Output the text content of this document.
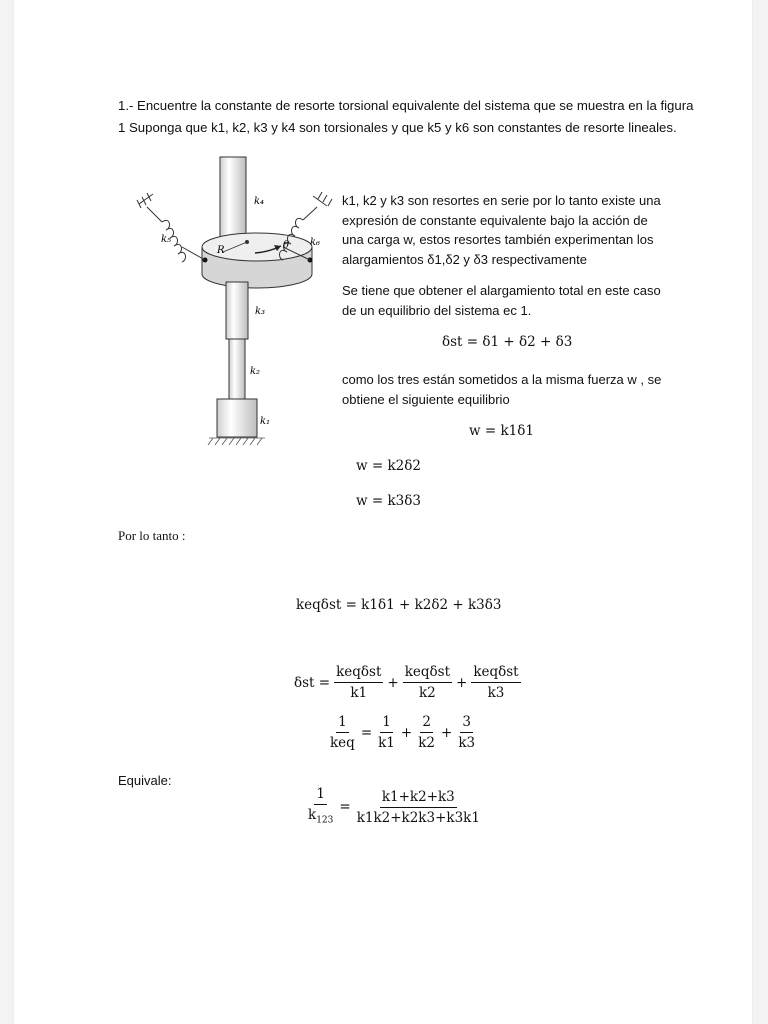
1.- Encuentre la constante de resorte torsional equivalente del sistema que se muestra en la figura
1 Suponga que k1, k2, k3 y k4 son torsionales y que k5 y k6 son constantes de resorte lineales.
k₄
k₅	k₆
R	θ
k₃
k₂
k₁
k1, k2 y k3 son resortes en serie por lo tanto existe una
expresión de constante equivalente bajo la acción de
una carga w, estos resortes también experimentan los
alargamientos δ1,δ2 y δ3 respectivamente
Se tiene que obtener el alargamiento total en este caso
de un equilibrio del sistema ec 1.
δst = δ1 + δ2 + δ3
como los tres están sometidos a la misma fuerza w , se
obtiene el siguiente equilibrio
w = k1δ1
w = k2δ2
w = k3δ3
Por lo tanto :
keqδst = k1δ1 + k2δ2 + k3δ3
$\delta st = \frac{\text{keqδst}}{k1} + \frac{\text{keqδst}}{k2} + \frac{\text{keqδst}}{k3}$
$\frac{1}{\text{keq}} = \frac{1}{k1} + \frac{2}{k2} + \frac{3}{k3}$
Equivale:
$\frac{1}{k_{123}} = \frac{k1+k2+k3}{k1k2+k2k3+k3k1}$
